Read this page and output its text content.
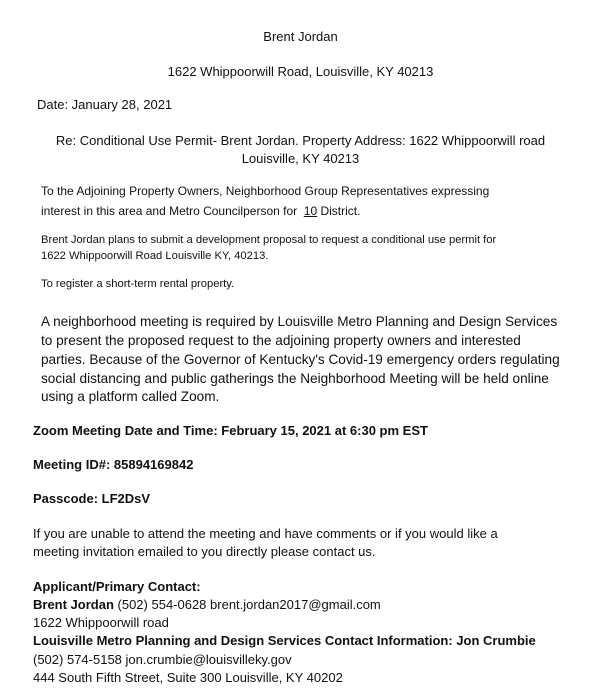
Brent Jordan

1622 Whippoorwill Road, Louisville, KY 40213

Date: January 28, 2021

Re: Conditional Use Permit- Brent Jordan. Property Address: 1622 Whippoorwill road

Louisville, KY 40213

To the Adjoining Property Owners, Neighborhood Group Representatives expressing

interest in this area and Metro Councilperson for 10 District.

Brent Jordan plans to submit a development proposal to request a conditional use permit for

1622 Whippoorwill Road Louisville KY, 40213.

To register a short-term rental property.

A neighborhood meeting is required by Louisville Metro Planning and Design Services

to present the proposed request to the adjoining property owners and interested

parties. Because of the Governor of Kentucky's Covid-19 emergency orders regulating

social distancing and public gatherings the Neighborhood Meeting will be held online

using a platform called Zoom.

Zoom Meeting Date and Time: February 15, 2021 at 6:30 pm EST

Meeting ID#: 85894169842

Passcode: LF2DsV

If you are unable to attend the meeting and have comments or if you would like a

meeting invitation emailed to you directly please contact us.

Applicant/Primary Contact:

Brent Jordan (502) 554-0628 brent.jordan2017@gmail.com

1622 Whippoorwill road

Louisville Metro Planning and Design Services Contact Information: Jon Crumbie

(502) 574-5158 jon.crumbie@louisvilleky.gov

444 South Fifth Street, Suite 300 Louisville, KY 40202
